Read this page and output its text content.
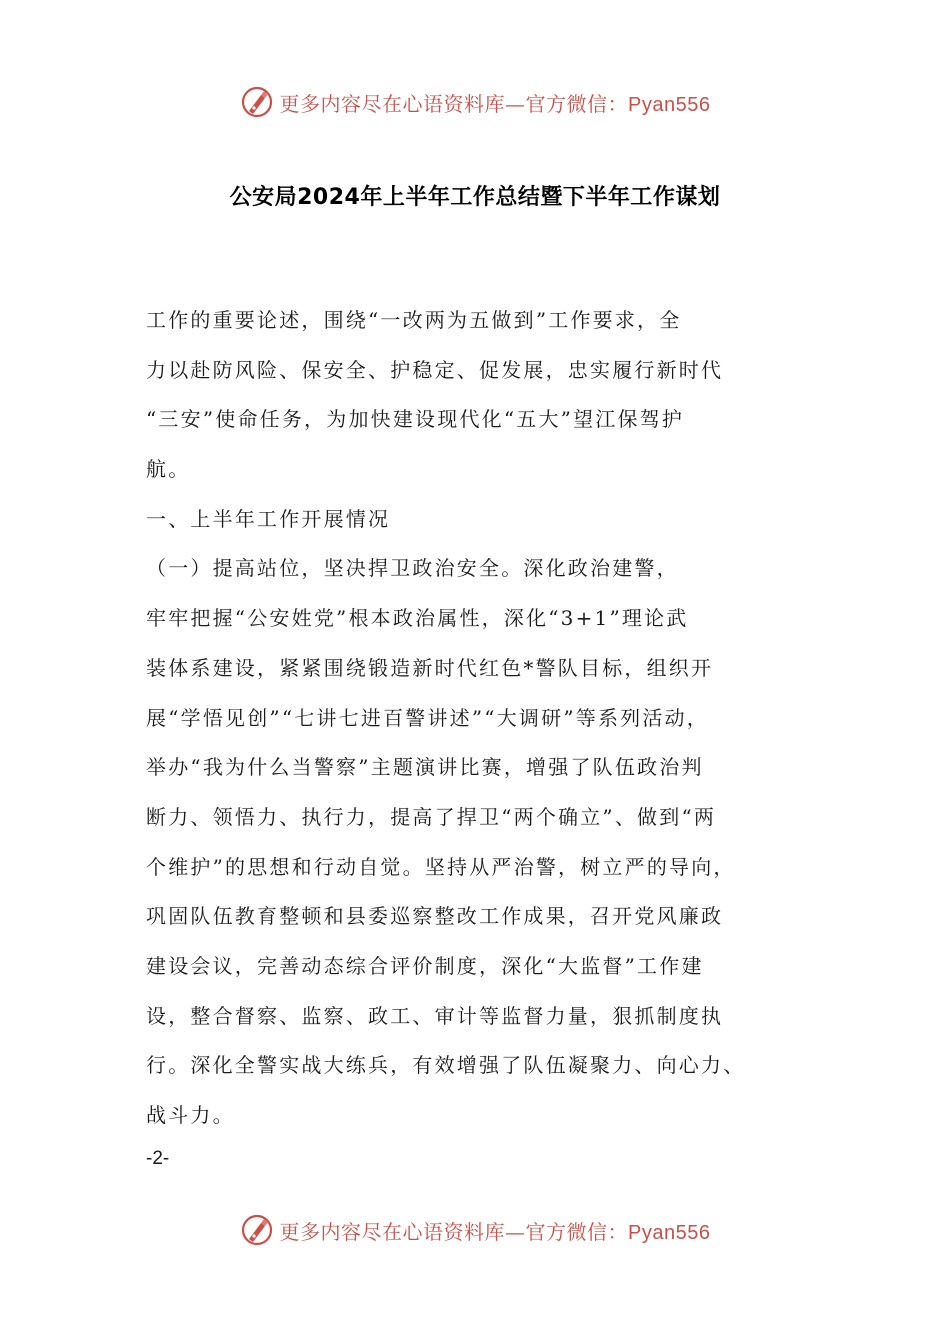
更多内容尽在心语资料库—官方微信：Pyan556
公安局2024年上半年工作总结暨下半年工作谋划
工作的重要论述，围绕“一改两为五做到”工作要求，全
力以赴防风险、保安全、护稳定、促发展，忠实履行新时代
“三安”使命任务，为加快建设现代化“五大”望江保驾护
航。
一、上半年工作开展情况
（一）提高站位，坚决捍卫政治安全。深化政治建警，
牢牢把握“公安姓党”根本政治属性，深化“3+1”理论武
装体系建设，紧紧围绕锻造新时代红色*警队目标，组织开
展“学悟见创”“七讲七进百警讲述”“大调研”等系列活动，
举办“我为什么当警察”主题演讲比赛，增强了队伍政治判
断力、领悟力、执行力，提高了捍卫“两个确立”、做到“两
个维护”的思想和行动自觉。坚持从严治警，树立严的导向，
巩固队伍教育整顿和县委巡察整改工作成果，召开党风廉政
建设会议，完善动态综合评价制度，深化“大监督”工作建
设，整合督察、监察、政工、审计等监督力量，狠抓制度执
行。深化全警实战大练兵，有效增强了队伍凝聚力、向心力、
战斗力。
-2-
更多内容尽在心语资料库—官方微信：Pyan556
